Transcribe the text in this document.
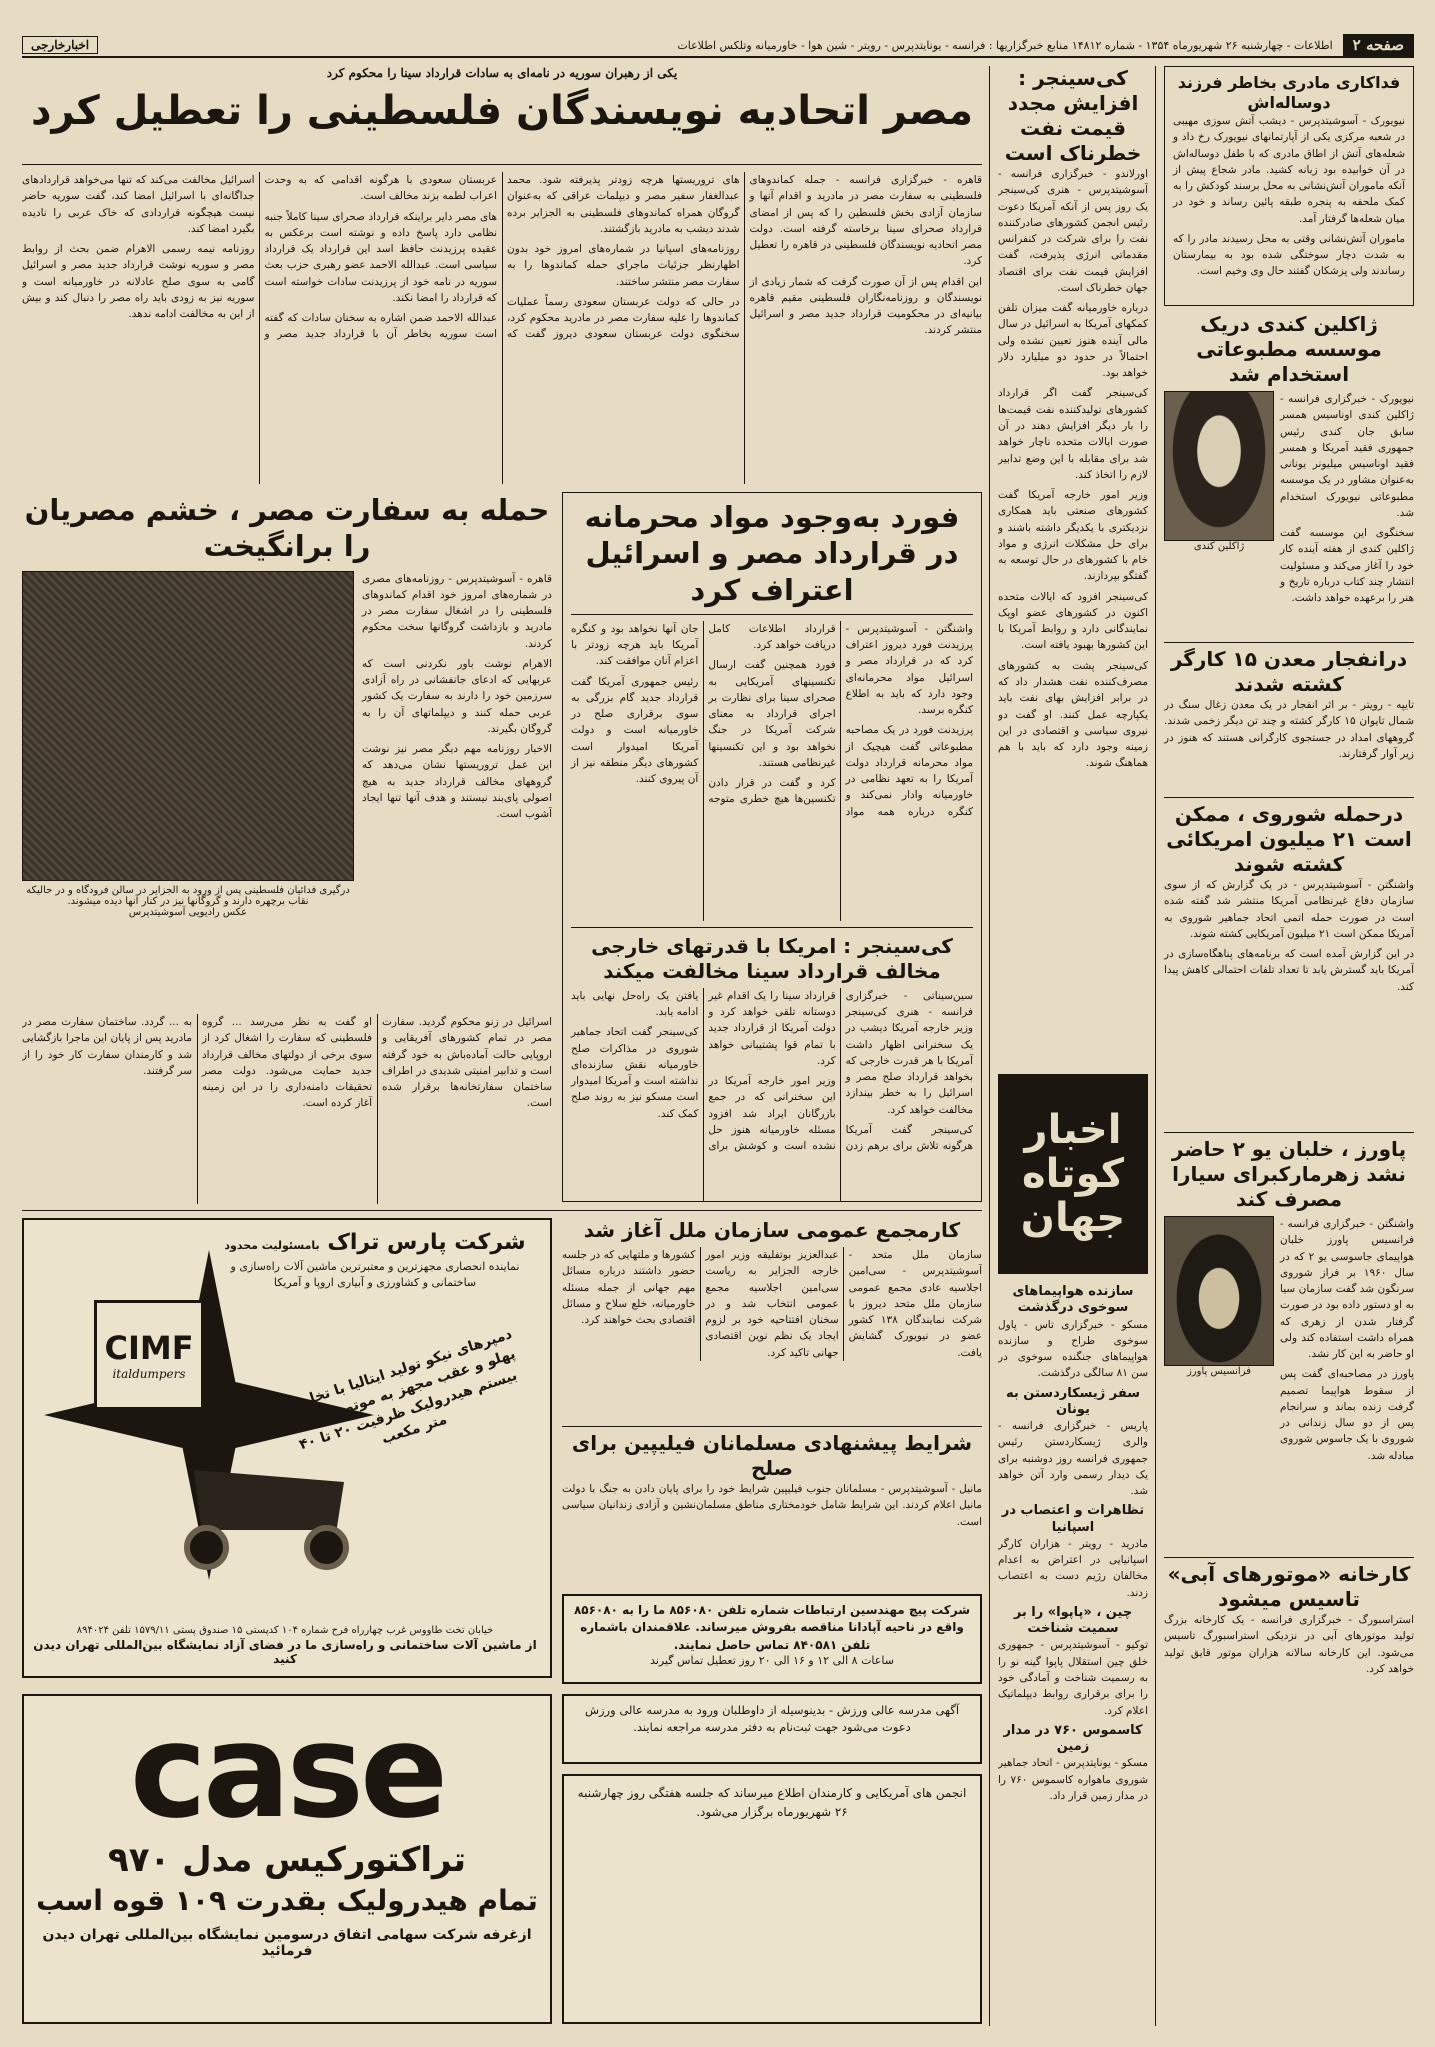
صفحه ۲
اطلاعات - چهارشنبه ۲۶ شهریورماه ۱۳۵۴ - شماره ۱۴۸۱۲ منابع خبرگزاریها : فرانسه - یونایتدپرس - رویتر - شین هوا - خاورمیانه وتلکس اطلاعات
اخبارخارجی
فداکاری مادری بخاطر فرزند دوساله‌اش

نیویورک - آسوشیتدپرس - دیشب آتش سوزی مهیبی در شعبه مرکزی یکی از آپارتمانهای نیویورک رخ داد و شعله‌های آتش از اطاق مادری که با طفل دوساله‌اش در آن خوابیده بود زبانه کشید. مادر شجاع پیش از آنکه ماموران آتش‌نشانی به محل برسند کودکش را به کمک ملحفه به پنجره طبقه پائین رساند و خود در میان شعله‌ها گرفتار آمد.

ماموران آتش‌نشانی وقتی به محل رسیدند مادر را که به شدت دچار سوختگی شده بود به بیمارستان رساندند ولی پزشکان گفتند حال وی وخیم است.

ژاکلین کندی دریک موسسه مطبوعاتی استخدام شد

نیویورک - خبرگزاری فرانسه - ژاکلین کندی اوناسیس همسر سابق جان کندی رئیس جمهوری فقید آمریکا و همسر فقید اوناسیس میلیونر یونانی به‌عنوان مشاور در یک موسسه مطبوعاتی نیویورک استخدام شد.

سخنگوی این موسسه گفت ژاکلین کندی از هفته آینده کار خود را آغاز می‌کند و مسئولیت انتشار چند کتاب درباره تاریخ و هنر را برعهده خواهد داشت.

ژاکلین کندی
درانفجار معدن ۱۵ کارگر کشته شدند

تایپه - رویتر - بر اثر انفجار در یک معدن زغال سنگ در شمال تایوان ۱۵ کارگر کشته و چند تن دیگر زخمی شدند. گروههای امداد در جستجوی کارگرانی هستند که هنوز در زیر آوار گرفتارند.

درحمله شوروی ، ممکن است ۲۱ میلیون امریکائی کشته شوند

واشنگتن - آسوشیتدپرس - در یک گزارش که از سوی سازمان دفاع غیرنظامی آمریکا منتشر شد گفته شده است در صورت حمله اتمی اتحاد جماهیر شوروی به آمریکا ممکن است ۲۱ میلیون آمریکایی کشته شوند.

در این گزارش آمده است که برنامه‌های پناهگاه‌سازی در آمریکا باید گسترش یابد تا تعداد تلفات احتمالی کاهش پیدا کند.

پاورز ، خلبان یو ۲ حاضر نشد زهرمارکبرای سیارا مصرف کند

واشنگتن - خبرگزاری فرانسه - فرانسیس پاورز خلبان هواپیمای جاسوسی یو ۲ که در سال ۱۹۶۰ بر فراز شوروی سرنگون شد گفت سازمان سیا به او دستور داده بود در صورت گرفتار شدن از زهری که همراه داشت استفاده کند ولی او حاضر به این کار نشد.

پاورز در مصاحبه‌ای گفت پس از سقوط هواپیما تصمیم گرفت زنده بماند و سرانجام پس از دو سال زندانی در شوروی با یک جاسوس شوروی مبادله شد.

فرانسیس پاورز
کارخانه «موتورهای آبی» تاسیس میشود

استراسبورگ - خبرگزاری فرانسه - یک کارخانه بزرگ تولید موتورهای آبی در نزدیکی استراسبورگ تاسیس می‌شود. این کارخانه سالانه هزاران موتور قایق تولید خواهد کرد.

کی‌سینجر : افزایش مجدد قیمت نفت خطرناک است

اورلاندو - خبرگزاری فرانسه - آسوشیتدپرس - هنری کی‌سینجر یک روز پس از آنکه آمریکا دعوت رئیس انجمن کشورهای صادرکننده نفت را برای شرکت در کنفرانس مقدماتی انرژی پذیرفت، گفت افزایش قیمت نفت برای اقتصاد جهان خطرناک است.

درباره خاورمیانه گفت میزان تلفن کمکهای آمریکا به اسرائیل در سال مالی آینده هنوز تعیین نشده ولی احتمالاً در حدود دو میلیارد دلار خواهد بود.

کی‌سینجر گفت اگر قرارداد کشورهای تولیدکننده نفت قیمت‌ها را بار دیگر افزایش دهند در آن صورت ایالات متحده ناچار خواهد شد برای مقابله با این وضع تدابیر لازم را اتخاذ کند.

وزیر امور خارجه آمریکا گفت کشورهای صنعتی باید همکاری نزدیکتری با یکدیگر داشته باشند و برای حل مشکلات انرژی و مواد خام با کشورهای در حال توسعه به گفتگو بپردازند.

کی‌سینجر افزود که ایالات متحده اکنون در کشورهای عضو اوپک نمایندگانی دارد و روابط آمریکا با این کشورها بهبود یافته است.

کی‌سینجر پشت به کشورهای مصرف‌کننده نفت هشدار داد که در برابر افزایش بهای نفت باید یکپارچه عمل کنند. او گفت دو نیروی سیاسی و اقتصادی در این زمینه وجود دارد که باید با هم هماهنگ شوند.

اخبار
کوتاه
جهان
سازنده هواپیماهای سوخوی درگذشت

مسکو - خبرگزاری تاس - پاول سوخوی طراح و سازنده هواپیماهای جنگنده سوخوی در سن ۸۱ سالگی درگذشت.

سفر ژیسکاردستن به یونان

پاریس - خبرگزاری فرانسه - والری ژیسکاردستن رئیس جمهوری فرانسه روز دوشنبه برای یک دیدار رسمی وارد آتن خواهد شد.

تظاهرات و اعتصاب در اسپانیا

مادرید - رویتر - هزاران کارگر اسپانیایی در اعتراض به اعدام مخالفان رژیم دست به اعتصاب زدند.

چین ، «پاپوا» را بر سمیت شناخت

توکیو - آسوشیتدپرس - جمهوری خلق چین استقلال پاپوا گینه نو را به رسمیت شناخت و آمادگی خود را برای برقراری روابط دیپلماتیک اعلام کرد.

کاسموس ۷۶۰ در مدار زمین

مسکو - یونایتدپرس - اتحاد جماهیر شوروی ماهواره کاسموس ۷۶۰ را در مدار زمین قرار داد.

یکی از رهبران سوریه در نامه‌ای به سادات قرارداد سینا را محکوم کرد
مصر اتحادیه نویسندگان فلسطینی را تعطیل کرد

قاهره - خبرگزاری فرانسه - جمله کماندوهای فلسطینی به سفارت مصر در مادرید و اقدام آنها و سازمان آزادی بخش فلسطین را که پس از امضای قرارداد صحرای سینا برخاسته گرفته است. دولت مصر اتحادیه نویسندگان فلسطینی در قاهره را تعطیل کرد.

این اقدام پس از آن صورت گرفت که شمار زیادی از نویسندگان و روزنامه‌نگاران فلسطینی مقیم قاهره بیانیه‌ای در محکومیت قرارداد جدید مصر و اسرائیل منتشر کردند.

های تروریستها هرچه زودتر پذیرفته شود. محمد عبدالغفار سفیر مصر و دیپلمات عراقی که به‌عنوان گروگان همراه کماندوهای فلسطینی به الجزایر برده شدند دیشب به مادرید بازگشتند.

روزنامه‌های اسپانیا در شماره‌های امروز خود بدون اظهارنظر جزئیات ماجرای حمله کماندوها را به سفارت مصر منتشر ساختند.

در حالی که دولت عربستان سعودی رسماً عملیات کماندوها را علیه سفارت مصر در مادرید محکوم کرد، سخنگوی دولت عربستان سعودی دیروز گفت که عربستان سعودی با هرگونه اقدامی که به وحدت اعراب لطمه بزند مخالف است.

های مصر دایر براینکه قرارداد صحرای سینا کاملاً جنبه نظامی دارد پاسخ داده و نوشته است برعکس به عقیده پرزیدنت حافظ اسد این قرارداد یک قرارداد سیاسی است. عبدالله الاحمد عضو رهبری حزب بعث سوریه در نامه خود از پرزیدنت سادات خواسته است که قرارداد را امضا نکند.

عبدالله الاحمد ضمن اشاره به سخنان سادات که گفته است سوریه بخاطر آن با قرارداد جدید مصر و اسرائیل مخالفت می‌کند که تنها می‌خواهد قراردادهای جداگانه‌ای با اسرائیل امضا کند، گفت سوریه حاضر نیست هیچگونه قراردادی که خاک عربی را نادیده بگیرد امضا کند.

روزنامه نیمه رسمی الاهرام ضمن بحث از روابط مصر و سوریه نوشت قرارداد جدید مصر و اسرائیل گامی به سوی صلح عادلانه در خاورمیانه است و سوریه نیز به زودی باید راه مصر را دنبال کند و بیش از این به مخالفت ادامه ندهد.

فورد به‌وجود مواد محرمانه در قرارداد مصر و اسرائیل اعتراف کرد

واشنگتن - آسوشیتدپرس - پرزیدنت فورد دیروز اعتراف کرد که در قرارداد مصر و اسرائیل مواد محرمانه‌ای وجود دارد که باید به اطلاع کنگره برسد.

پرزیدنت فورد در یک مصاحبه مطبوعاتی گفت هیچیک از مواد محرمانه قرارداد دولت آمریکا را به تعهد نظامی در خاورمیانه وادار نمی‌کند و کنگره درباره همه مواد قرارداد اطلاعات کامل دریافت خواهد کرد.

فورد همچنین گفت ارسال تکنسینهای آمریکایی به صحرای سینا برای نظارت بر اجرای قرارداد به معنای شرکت آمریکا در جنگ نخواهد بود و این تکنسینها غیرنظامی هستند.

کرد و گفت در قرار دادن تکنسین‌ها هیچ خطری متوجه جان آنها نخواهد بود و کنگره آمریکا باید هرچه زودتر با اعزام آنان موافقت کند.

رئیس جمهوری آمریکا گفت قرارداد جدید گام بزرگی به سوی برقراری صلح در خاورمیانه است و دولت آمریکا امیدوار است کشورهای دیگر منطقه نیز از آن پیروی کنند.

کی‌سینجر : امریکا با قدرتهای خارجی مخالف قرارداد سینا مخالفت میکند

سین‌سیناتی - خبرگزاری فرانسه - هنری کی‌سینجر وزیر خارجه آمریکا دیشب در یک سخنرانی اظهار داشت آمریکا با هر قدرت خارجی که بخواهد قرارداد صلح مصر و اسرائیل را به خطر بیندازد مخالفت خواهد کرد.

کی‌سینجر گفت آمریکا هرگونه تلاش برای برهم زدن قرارداد سینا را یک اقدام غیر دوستانه تلقی خواهد کرد و دولت آمریکا از قرارداد جدید با تمام قوا پشتیبانی خواهد کرد.

وزیر امور خارجه آمریکا در این سخنرانی که در جمع بازرگانان ایراد شد افزود مسئله خاورمیانه هنوز حل نشده است و کوشش برای یافتن یک راه‌حل نهایی باید ادامه یابد.

کی‌سینجر گفت اتحاد جماهیر شوروی در مذاکرات صلح خاورمیانه نقش سازنده‌ای نداشته است و آمریکا امیدوار است مسکو نیز به روند صلح کمک کند.

حمله به سفارت مصر ، خشم مصریان را برانگیخت

قاهره - آسوشیتدپرس - روزنامه‌های مصری در شماره‌های امروز خود اقدام کماندوهای فلسطینی را در اشغال سفارت مصر در مادرید و بازداشت گروگانها سخت محکوم کردند.

الاهرام نوشت باور نکردنی است که عربهایی که ادعای جانفشانی در راه آزادی سرزمین خود را دارند به سفارت یک کشور عربی حمله کنند و دیپلماتهای آن را به گروگان بگیرند.

الاخبار روزنامه مهم دیگر مصر نیز نوشت این عمل تروریستها نشان می‌دهد که گروههای مخالف قرارداد جدید به هیچ اصولی پای‌بند نیستند و هدف آنها تنها ایجاد آشوب است.

درگیری فدائیان فلسطینی پس از ورود به الجزایر در سالن فرودگاه و در حالیکه نقاب برچهره دارند و گروگانها نیز در کنار آنها دیده میشوند.
عکس رادیویی آسوشیتدپرس

اسرائیل در زنو محکوم گردید. سفارت مصر در تمام کشورهای آفریقایی و اروپایی حالت آماده‌باش به خود گرفته است و تدابیر امنیتی شدیدی در اطراف ساختمان سفارتخانه‌ها برقرار شده است.

او گفت به نظر می‌رسد ... گروه فلسطینی که سفارت را اشغال کرد از سوی برخی از دولتهای مخالف قرارداد جدید حمایت می‌شود. دولت مصر تحقیقات دامنه‌داری را در این زمینه آغاز کرده است.

به ... گردد. ساختمان سفارت مصر در مادرید پس از پایان این ماجرا بازگشایی شد و کارمندان سفارت کار خود را از سر گرفتند.

کارمجمع عمومی سازمان ملل آغاز شد

سازمان ملل متحد - آسوشیتدپرس - سی‌امین اجلاسیه عادی مجمع عمومی سازمان ملل متحد دیروز با شرکت نمایندگان ۱۳۸ کشور عضو در نیویورک گشایش یافت.

عبدالعزیز بوتفلیقه وزیر امور خارجه الجزایر به ریاست سی‌امین اجلاسیه مجمع عمومی انتخاب شد و در سخنان افتتاحیه خود بر لزوم ایجاد یک نظم نوین اقتصادی جهانی تاکید کرد.

کشورها و ملتهایی که در جلسه حضور داشتند درباره مسائل مهم جهانی از جمله مسئله خاورمیانه، خلع سلاح و مسائل اقتصادی بحث خواهند کرد.

شرایط پیشنهادی مسلمانان فیلیپین برای صلح

مانیل - آسوشیتدپرس - مسلمانان جنوب فیلیپین شرایط خود را برای پایان دادن به جنگ با دولت مانیل اعلام کردند. این شرایط شامل خودمختاری مناطق مسلمان‌نشین و آزادی زندانیان سیاسی است.

شرکت پیچ مهندسین ارتباطات شماره تلفن ۸۵۶۰۸۰ ما را به ۸۵۶۰۸۰ واقع در ناحیه آپادانا مناقصه بفروش میرساند. علاقمندان باشماره تلفن ۸۴۰۵۸۱ تماس حاصل نمایند.
ساعات ۸ الی ۱۲ و ۱۶ الی ۲۰ روز تعطیل تماس گیرند
آگهی مدرسه عالی ورزش - بدینوسیله از داوطلبان ورود به مدرسه عالی ورزش دعوت می‌شود جهت ثبت‌نام به دفتر مدرسه مراجعه نمایند.
شرکت پارس تراک بامسئولیت محدود
نماینده انحصاری مجهزترین و معتبرترین ماشین آلات راه‌سازی و ساختمانی و کشاورزی و آبیاری اروپا و آمریکا
CIMF
italdumpers	دمپرهای نیکو تولید ایتالیا با تخلیه از پهلو و عقب مجهز به موتور دویتس بیستم هیدرولیک ظرفیت ۲۰ تا ۴۰ متر مکعب
خیابان تخت طاووس غرب چهارراه فرح شماره ۱۰۴ کدپستی ۱۵ صندوق پستی ۱۵۷۹/۱۱ تلفن ۸۹۴۰۲۴
از ماشین آلات ساختمانی و راه‌سازی ما در فضای آزاد نمایشگاه بین‌المللی تهران دیدن کنید
case
تراکتورکیس مدل ۹۷۰
تمام هیدرولیک بقدرت ۱۰۹ قوه اسب
ازغرفه شرکت سهامی اتفاق درسومین نمایشگاه بین‌المللی تهران دیدن فرمائید
انجمن های آمریکایی و کارمندان اطلاع میرساند که جلسه هفتگی روز چهارشنبه ۲۶ شهریورماه برگزار می‌شود.
